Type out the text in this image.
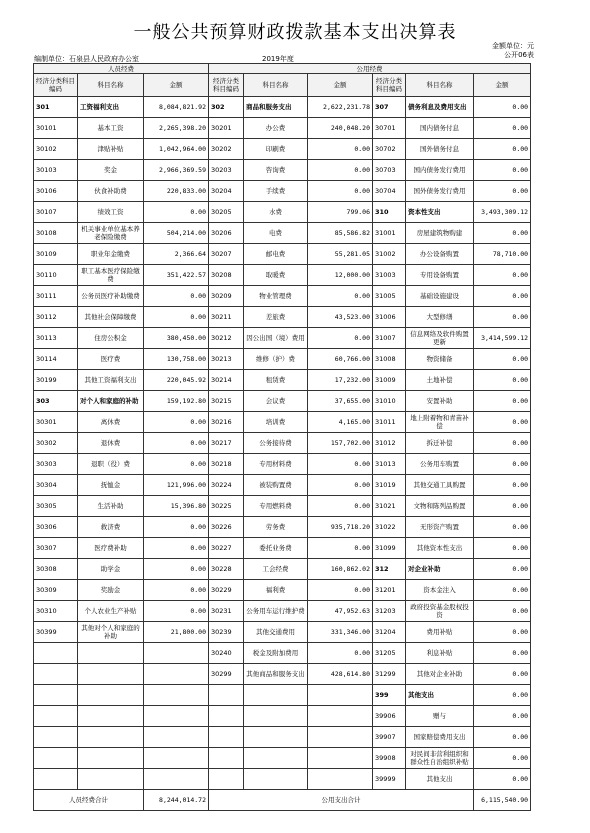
一般公共预算财政拨款基本支出决算表
金额单位：元
公开06表
编制单位：石泉县人民政府办公室	2019年度
人员经费			公用经费					
经济分类科目编码	科目名称	金额	经济分类科目编码	科目名称	金额	经济分类科目编码	科目名称	金额
301	工资福利支出	8,084,821.92	302	商品和服务支出	2,622,231.78	307	债务利息及费用支出	0.00
30101	基本工资	2,265,398.20	30201	办公费	240,048.20	30701	国内债务付息	0.00
30102	津贴补贴	1,042,964.00	30202	印刷费	0.00	30702	国外债务付息	0.00
30103	奖金	2,966,369.59	30203	咨询费	0.00	30703	国内债务发行费用	0.00
30106	伙食补助费	220,833.00	30204	手续费	0.00	30704	国外债务发行费用	0.00
30107	绩效工资	0.00	30205	水费	799.06	310	资本性支出	3,493,309.12
30108	机关事业单位基本养老保险缴费	504,214.00	30206	电费	85,586.82	31001	房屋建筑物购建	0.00
30109	职业年金缴费	2,366.64	30207	邮电费	55,281.05	31002	办公设备购置	78,710.00
30110	职工基本医疗保险缴费	351,422.57	30208	取暖费	12,000.00	31003	专用设备购置	0.00
30111	公务员医疗补助缴费	0.00	30209	物业管理费	0.00	31005	基础设施建设	0.00
30112	其他社会保障缴费	0.00	30211	差旅费	43,523.00	31006	大型修缮	0.00
30113	住房公积金	380,450.00	30212	因公出国（境）费用	0.00	31007	信息网络及软件购置更新	3,414,599.12
30114	医疗费	130,758.00	30213	维修（护）费	60,766.00	31008	物资储备	0.00
30199	其他工资福利支出	220,045.92	30214	租赁费	17,232.00	31009	土地补偿	0.00
303	对个人和家庭的补助	159,192.80	30215	会议费	37,655.00	31010	安置补助	0.00
30301	离休费	0.00	30216	培训费	4,165.00	31011	地上附着物和青苗补偿	0.00
30302	退休费	0.00	30217	公务接待费	157,702.00	31012	拆迁补偿	0.00
30303	退职（役）费	0.00	30218	专用材料费	0.00	31013	公务用车购置	0.00
30304	抚恤金	121,996.00	30224	被装购置费	0.00	31019	其他交通工具购置	0.00
30305	生活补助	15,396.80	30225	专用燃料费	0.00	31021	文物和陈列品购置	0.00
30306	救济费	0.00	30226	劳务费	935,718.20	31022	无形资产购置	0.00
30307	医疗费补助	0.00	30227	委托业务费	0.00	31099	其他资本性支出	0.00
30308	助学金	0.00	30228	工会经费	160,862.02	312	对企业补助	0.00
30309	奖励金	0.00	30229	福利费	0.00	31201	资本金注入	0.00
30310	个人农业生产补贴	0.00	30231	公务用车运行维护费	47,952.63	31203	政府投资基金股权投资	0.00
30399	其他对个人和家庭的补助	21,800.00	30239	其他交通费用	331,346.00	31204	费用补贴	0.00
			30240	税金及附加费用	0.00	31205	利息补贴	0.00
			30299	其他商品和服务支出	428,614.80	31299	其他对企业补助	0.00
						399	其他支出	0.00
						39906	赠与	0.00
						39907	国家赔偿费用支出	0.00
						39908	对民间非营利组织和群众性自治组织补贴	0.00
						39999	其他支出	0.00
人员经费合计		8,244,014.72	公用支出合计					6,115,540.90
